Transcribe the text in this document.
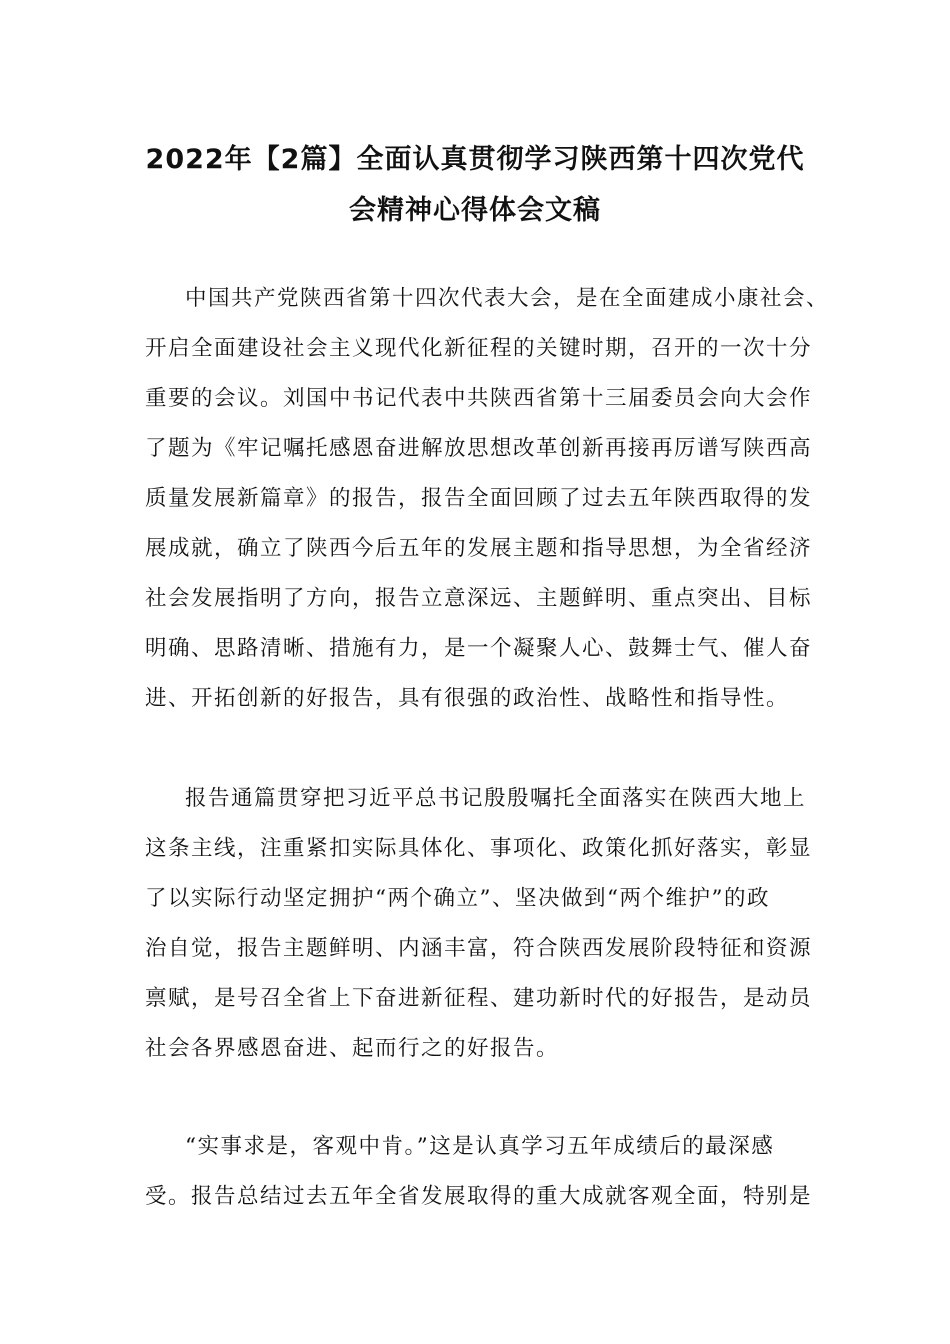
2022年【2篇】全面认真贯彻学习陕西第十四次党代
会精神心得体会文稿
中国共产党陕西省第十四次代表大会，是在全面建成小康社会、
开启全面建设社会主义现代化新征程的关键时期，召开的一次十分
重要的会议。刘国中书记代表中共陕西省第十三届委员会向大会作
了题为《牢记嘱托感恩奋进解放思想改革创新再接再厉谱写陕西高
质量发展新篇章》的报告，报告全面回顾了过去五年陕西取得的发
展成就，确立了陕西今后五年的发展主题和指导思想，为全省经济
社会发展指明了方向，报告立意深远、主题鲜明、重点突出、目标
明确、思路清晰、措施有力，是一个凝聚人心、鼓舞士气、催人奋
进、开拓创新的好报告，具有很强的政治性、战略性和指导性。
报告通篇贯穿把习近平总书记殷殷嘱托全面落实在陕西大地上
这条主线，注重紧扣实际具体化、事项化、政策化抓好落实，彰显
了以实际行动坚定拥护“两个确立”、坚决做到“两个维护”的政
治自觉，报告主题鲜明、内涵丰富，符合陕西发展阶段特征和资源
禀赋，是号召全省上下奋进新征程、建功新时代的好报告，是动员
社会各界感恩奋进、起而行之的好报告。
“实事求是，客观中肯。”这是认真学习五年成绩后的最深感
受。报告总结过去五年全省发展取得的重大成就客观全面，特别是
